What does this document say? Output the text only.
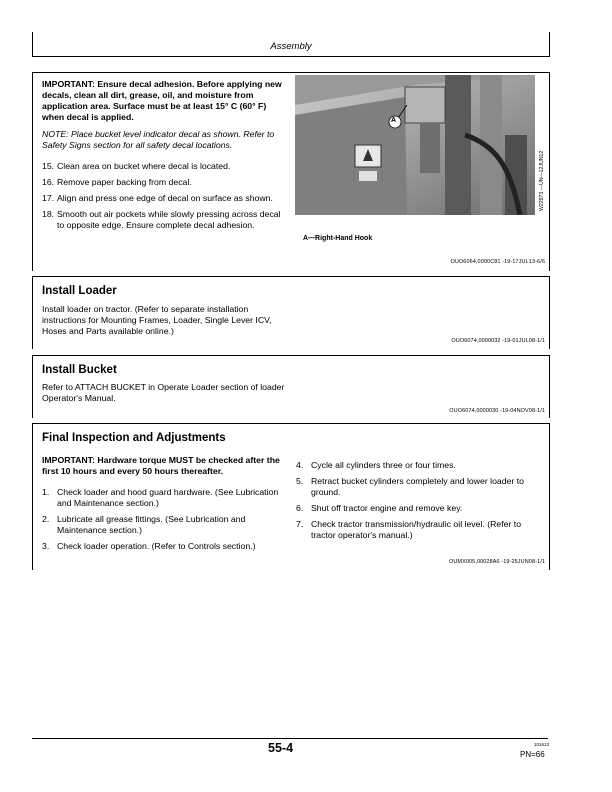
Assembly
IMPORTANT: Ensure decal adhesion. Before applying new decals, clean all dirt, grease, oil, and moisture from application area. Surface must be at least 15° C (60° F) when decal is applied.
NOTE: Place bucket level indicator decal as shown. Refer to Safety Signs section for all safety decal locations.
15. Clean area on bucket where decal is located.
16. Remove paper backing from decal.
17. Align and press one edge of decal on surface as shown.
18. Smooth out air pockets while slowly pressing across decal to opposite edge. Ensure complete decal adhesion.
A
W22973 —UN—12JUN12
A—Right-Hand Hook
OUO6064,0000C81 -19-17JUL13-6/6
Install Loader
Install loader on tractor. (Refer to separate installation instructions for Mounting Frames, Loader, Single Lever ICV, Hoses and Parts available online.)
OUO6074,0000032 -19-01JUL08-1/1
Install Bucket
Refer to ATTACH BUCKET in Operate Loader section of loader Operator's Manual.
OUO6074,0000030 -19-04NOV08-1/1
Final Inspection and Adjustments
IMPORTANT: Hardware torque MUST be checked after the first 10 hours and every 50 hours thereafter.
1. Check loader and hood guard hardware. (See Lubrication and Maintenance section.)
2. Lubricate all grease fittings. (See Lubrication and Maintenance section.)
3. Check loader operation. (Refer to Controls section.)
4. Cycle all cylinders three or four times.
5. Retract bucket cylinders completely and lower loader to ground.
6. Shut off tractor engine and remove key.
7. Check tractor transmission/hydraulic oil level. (Refer to tractor operator's manual.)
OUMX005,00028A6 -19-25JUN08-1/1
55-4	101613
PN=66
